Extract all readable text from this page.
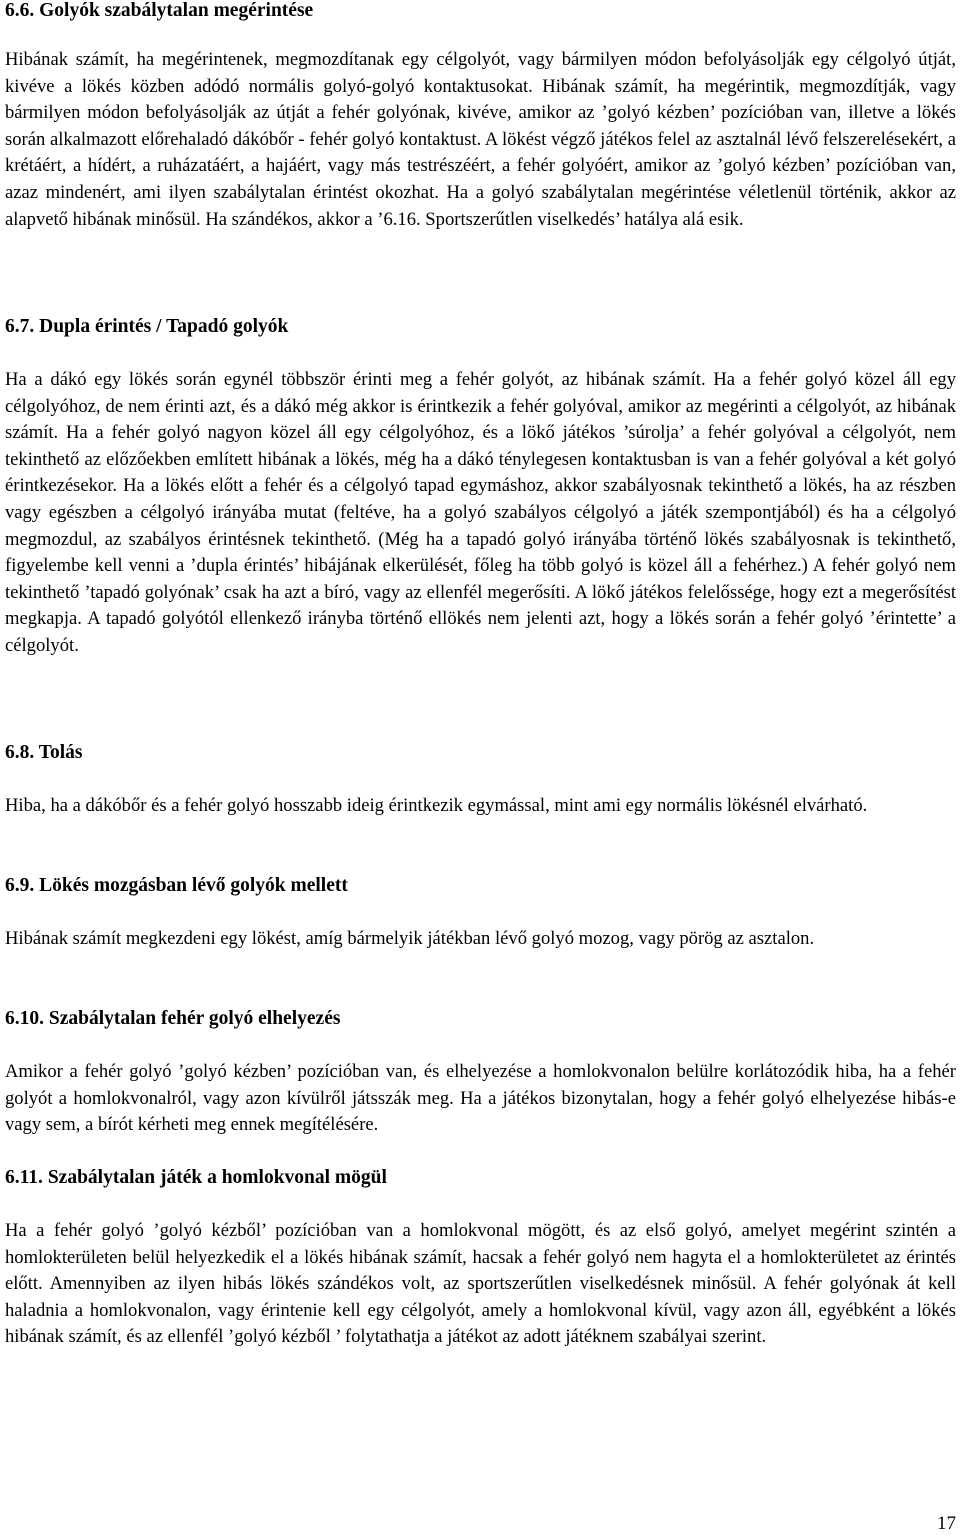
6.6. Golyók szabálytalan megérintése

Hibának számít, ha megérintenek, megmozdítanak egy célgolyót, vagy bármilyen módon befolyásolják egy célgolyó útját, kivéve a lökés közben adódó normális golyó-golyó kontaktusokat. Hibának számít, ha megérintik, megmozdítják, vagy bármilyen módon befolyásolják az útját a fehér golyónak, kivéve, amikor az ’golyó kézben’ pozícióban van, illetve a lökés során alkalmazott előrehaladó dákóbőr - fehér golyó kontaktust. A lökést végző játékos felel az asztalnál lévő felszerelésekért, a krétáért, a hídért, a ruházatáért, a hajáért, vagy más testrészéért, a fehér golyóért, amikor az ’golyó kézben’ pozícióban van, azaz mindenért, ami ilyen szabálytalan érintést okozhat. Ha a golyó szabálytalan megérintése véletlenül történik, akkor az alapvető hibának minősül. Ha szándékos, akkor a ’6.16. Sportszerűtlen viselkedés’ hatálya alá esik.

6.7. Dupla érintés / Tapadó golyók

Ha a dákó egy lökés során egynél többször érinti meg a fehér golyót, az hibának számít. Ha a fehér golyó közel áll egy célgolyóhoz, de nem érinti azt, és a dákó még akkor is érintkezik a fehér golyóval, amikor az megérinti a célgolyót, az hibának számít. Ha a fehér golyó nagyon közel áll egy célgolyóhoz, és a lökő játékos ’súrolja’ a fehér golyóval a célgolyót, nem tekinthető az előzőekben említett hibának a lökés, még ha a dákó ténylegesen kontaktusban is van a fehér golyóval a két golyó érintkezésekor. Ha a lökés előtt a fehér és a célgolyó tapad egymáshoz, akkor szabályosnak tekinthető a lökés, ha az részben vagy egészben a célgolyó irányába mutat (feltéve, ha a golyó szabályos célgolyó a játék szempontjából) és ha a célgolyó megmozdul, az szabályos érintésnek tekinthető. (Még ha a tapadó golyó irányába történő lökés szabályosnak is tekinthető, figyelembe kell venni a ’dupla érintés’ hibájának elkerülését, főleg ha több golyó is közel áll a fehérhez.) A fehér golyó nem tekinthető ’tapadó golyónak’ csak ha azt a bíró, vagy az ellenfél megerősíti. A lökő játékos felelőssége, hogy ezt a megerősítést megkapja. A tapadó golyótól ellenkező irányba történő ellökés nem jelenti azt, hogy a lökés során a fehér golyó ’érintette’ a célgolyót.

6.8. Tolás

Hiba, ha a dákóbőr és a fehér golyó hosszabb ideig érintkezik egymással, mint ami egy normális lökésnél elvárható.

6.9. Lökés mozgásban lévő golyók mellett

Hibának számít megkezdeni egy lökést, amíg bármelyik játékban lévő golyó mozog, vagy pörög az asztalon.

6.10. Szabálytalan fehér golyó elhelyezés

Amikor a fehér golyó ’golyó kézben’ pozícióban van, és elhelyezése a homlokvonalon belülre korlátozódik hiba, ha a fehér golyót a homlokvonalról, vagy azon kívülről játsszák meg. Ha a játékos bizonytalan, hogy a fehér golyó elhelyezése hibás-e vagy sem, a bírót kérheti meg ennek megítélésére.

6.11. Szabálytalan játék a homlokvonal mögül

Ha a fehér golyó ’golyó kézből’ pozícióban van a homlokvonal mögött, és az első golyó, amelyet megérint szintén a homlokterületen belül helyezkedik el a lökés hibának számít, hacsak a fehér golyó nem hagyta el a homlokterületet az érintés előtt. Amennyiben az ilyen hibás lökés szándékos volt, az sportszerűtlen viselkedésnek minősül. A fehér golyónak át kell haladnia a homlokvonalon, vagy érintenie kell egy célgolyót, amely a homlokvonal kívül, vagy azon áll, egyébként a lökés hibának számít, és az ellenfél ’golyó kézből ’ folytathatja a játékot az adott játéknem szabályai szerint.

17
